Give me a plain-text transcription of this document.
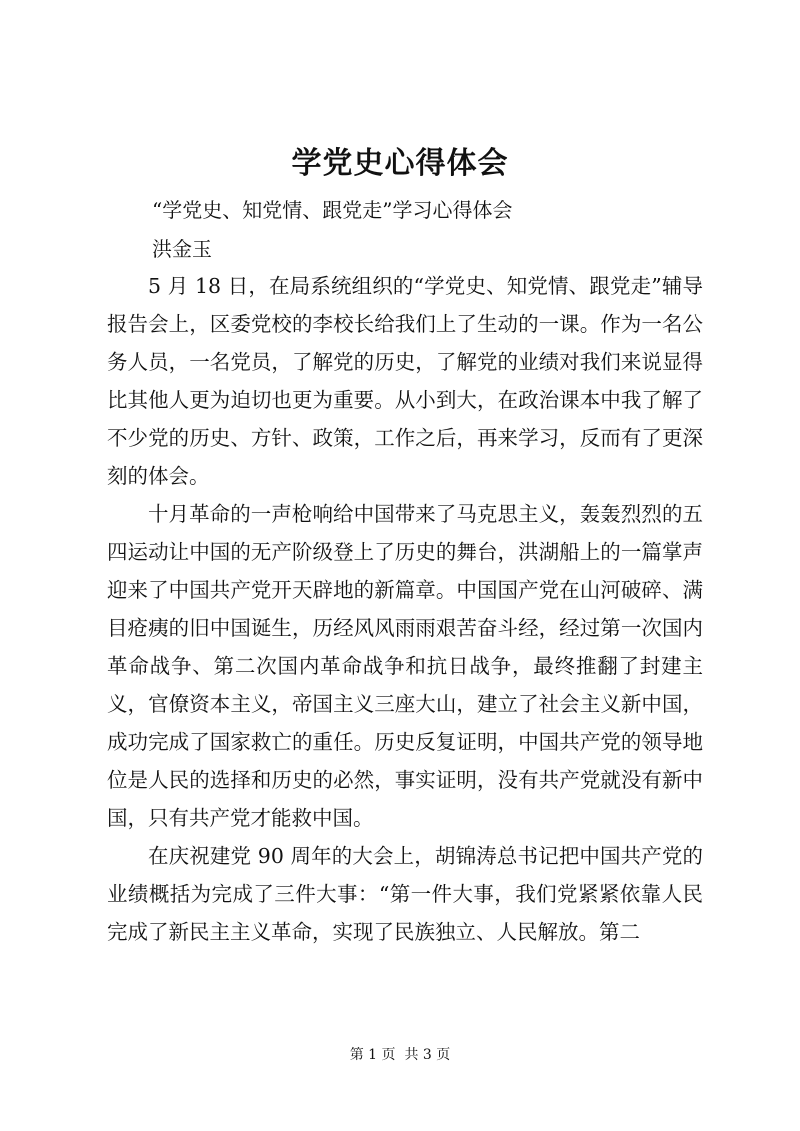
学党史心得体会
“学党史、知党情、跟党走”学习心得体会
洪金玉

5 月 18 日，在局系统组织的“学党史、知党情、跟党走”辅导报告会上，区委党校的李校长给我们上了生动的一课。作为一名公务人员，一名党员，了解党的历史，了解党的业绩对我们来说显得比其他人更为迫切也更为重要。从小到大，在政治课本中我了解了不少党的历史、方针、政策，工作之后，再来学习，反而有了更深刻的体会。

十月革命的一声枪响给中国带来了马克思主义，轰轰烈烈的五四运动让中国的无产阶级登上了历史的舞台，洪湖船上的一篇掌声迎来了中国共产党开天辟地的新篇章。中国国产党在山河破碎、满目疮痍的旧中国诞生，历经风风雨雨艰苦奋斗经，经过第一次国内革命战争、第二次国内革命战争和抗日战争，最终推翻了封建主义，官僚资本主义，帝国主义三座大山，建立了社会主义新中国，成功完成了国家救亡的重任。历史反复证明，中国共产党的领导地位是人民的选择和历史的必然，事实证明，没有共产党就没有新中国，只有共产党才能救中国。

在庆祝建党 90 周年的大会上，胡锦涛总书记把中国共产党的业绩概括为完成了三件大事：“第一件大事，我们党紧紧依靠人民完成了新民主主义革命，实现了民族独立、人民解放。第二

第 1 页  共 3 页
